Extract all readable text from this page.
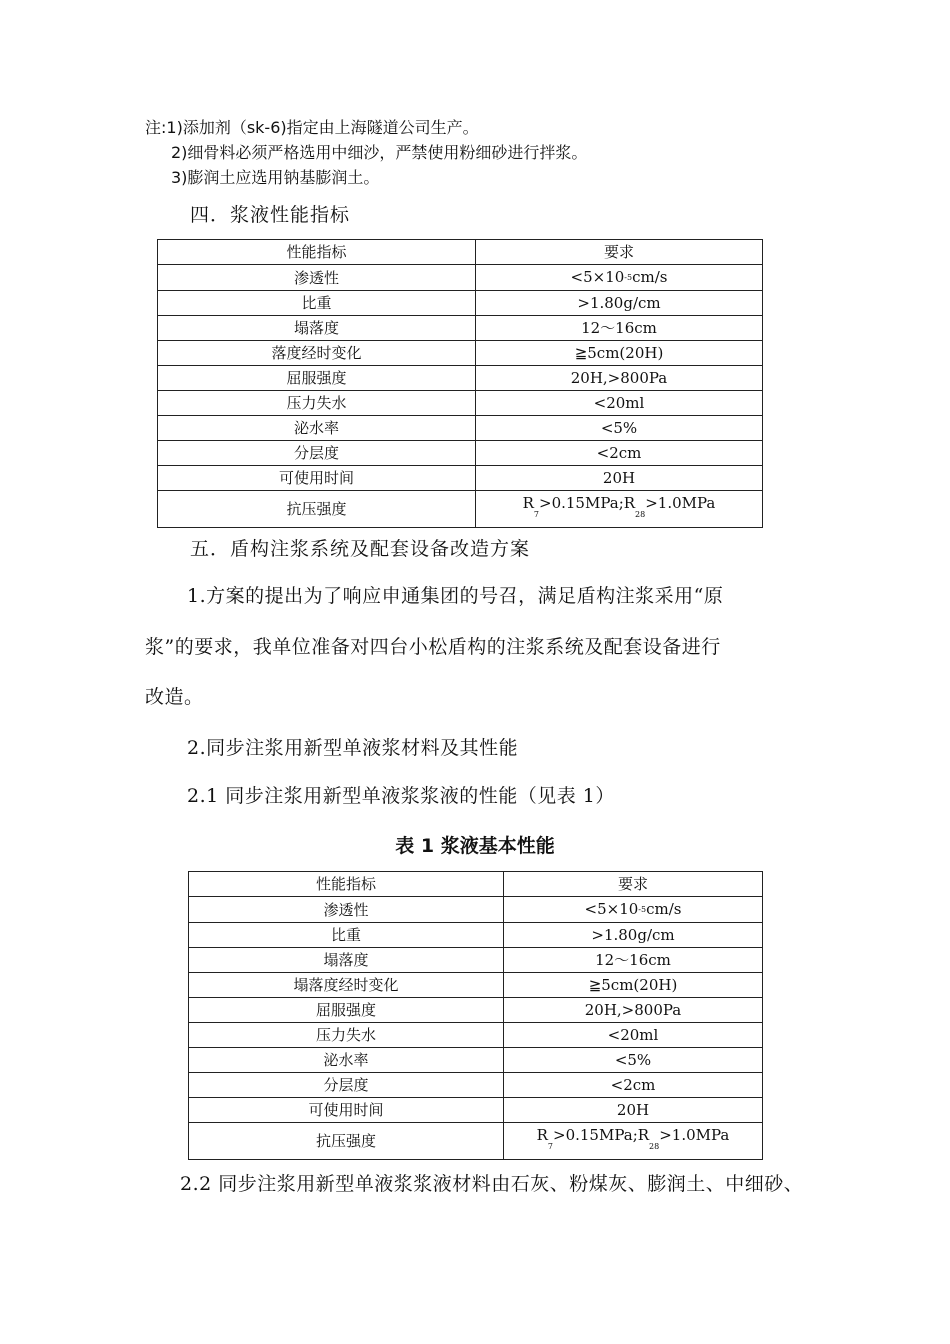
注:1)添加剂（sk-6)指定由上海隧道公司生产。
2)细骨料必须严格选用中细沙，严禁使用粉细砂进行拌浆。
3)膨润土应选用钠基膨润土。
四．浆液性能指标
性能指标	要求
渗透性	$<5\times 10^{-5}cm/s$
比重	>1.80g/cm
塌落度	12～16cm
落度经时变化	≧5cm(20H)
屈服强度	20H,>800Pa
压力失水	<20ml
泌水率	<5%
分层度	<2cm
可使用时间	20H
抗压强度	$R_7>0.15MPa;R_{28}>1.0MPa$
五．盾构注浆系统及配套设备改造方案
1.方案的提出为了响应申通集团的号召，满足盾构注浆采用“原
浆”的要求，我单位准备对四台小松盾构的注浆系统及配套设备进行
改造。
2.同步注浆用新型单液浆材料及其性能
2.1 同步注浆用新型单液浆浆液的性能（见表 1）
表 1 浆液基本性能
性能指标	要求
渗透性	$<5\times 10^{-5}cm/s$
比重	>1.80g/cm
塌落度	12～16cm
塌落度经时变化	≧5cm(20H)
屈服强度	20H,>800Pa
压力失水	<20ml
泌水率	<5%
分层度	<2cm
可使用时间	20H
抗压强度	$R_7>0.15MPa;R_{28}>1.0MPa$
2.2 同步注浆用新型单液浆浆液材料由石灰、粉煤灰、膨润土、中细砂、
